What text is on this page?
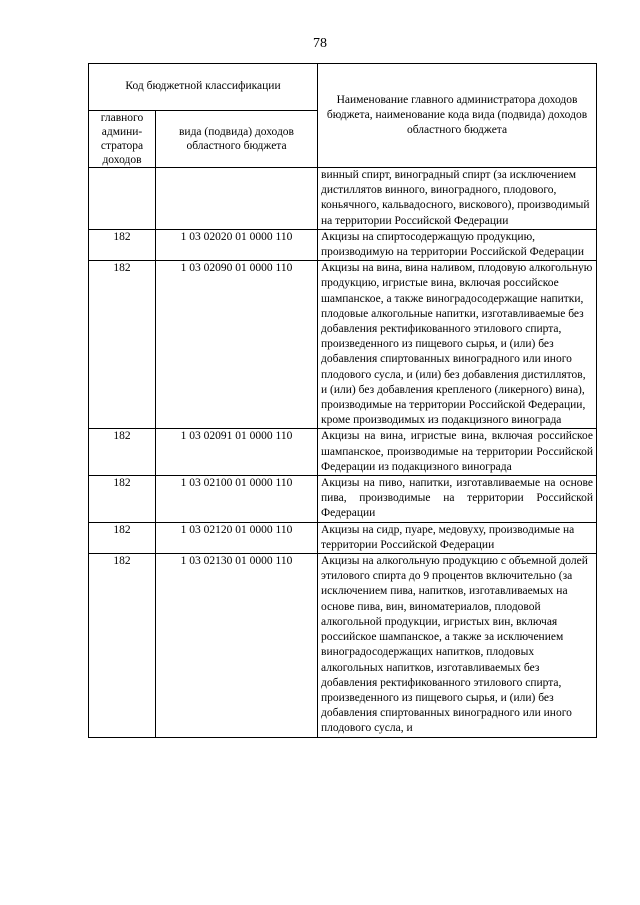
78
Код бюджетной классификации		Наименование главного администратора доходов бюджета, наименование кода вида (подвида) доходов областного бюджета
главного админи-стратора доходов	вида (подвида) доходов областного бюджета	
		винный спирт, виноградный спирт (за исключением дистиллятов винного, виноградного, плодового, коньячного, кальвадосного, вискового), производимый на территории Российской Федерации
182	1 03 02020 01 0000 110	Акцизы на спиртосодержащую продукцию, производимую на территории Российской Федерации
182	1 03 02090 01 0000 110	Акцизы на вина, вина наливом, плодовую алкогольную продукцию, игристые вина, включая российское шампанское, а также виноградосодержащие напитки, плодовые алкогольные напитки, изготавливаемые без добавления ректификованного этилового спирта, произведенного из пищевого сырья, и (или) без добавления спиртованных виноградного или иного плодового сусла, и (или) без добавления дистиллятов, и (или) без добавления крепленого (ликерного) вина), производимые на территории Российской Федерации, кроме производимых из подакцизного винограда
182	1 03 02091 01 0000 110	Акцизы на вина, игристые вина, включая российское шампанское, производимые на территории Российской Федерации из подакцизного винограда
182	1 03 02100 01 0000 110	Акцизы на пиво, напитки, изготавливаемые на основе пива, производимые на территории Российской Федерации
182	1 03 02120 01 0000 110	Акцизы на сидр, пуаре, медовуху, производимые на территории Российской Федерации
182	1 03 02130 01 0000 110	Акцизы на алкогольную продукцию с объемной долей этилового спирта до 9 процентов включительно (за исключением пива, напитков, изготавливаемых на основе пива, вин, виноматериалов, плодовой алкогольной продукции, игристых вин, включая российское шампанское, а также за исключением виноградосодержащих напитков, плодовых алкогольных напитков, изготавливаемых без добавления ректификованного этилового спирта, произведенного из пищевого сырья, и (или) без добавления спиртованных виноградного или иного плодового сусла, и
